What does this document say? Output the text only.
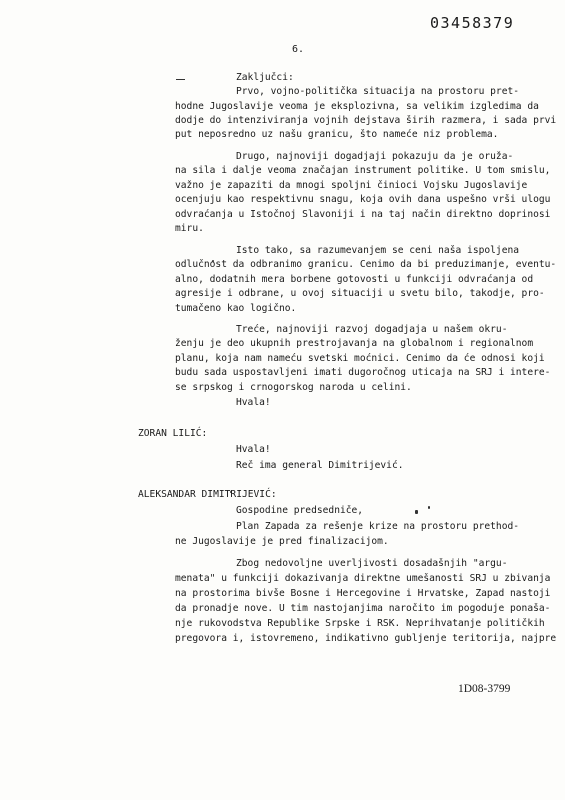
03458379
6.

Zaključci:

Prvo, vojno-politička situacija na prostoru pret-

hodne Jugoslavije veoma je eksplozivna, sa velikim izgledima da

dodje do intenziviranja vojnih dejstava širih razmera, i sada prvi

put neposredno uz našu granicu, što nameće niz problema.

Drugo, najnoviji dogadjaji pokazuju da je oruža-

na sila i dalje veoma značajan instrument politike. U tom smislu,

važno je zapaziti da mnogi spoljni činioci Vojsku Jugoslavije

ocenjuju kao respektivnu snagu, koja ovih dana uspešno vrši ulogu

odvraćanja u Istočnoj Slavoniji i na taj način direktno doprinosi

miru.

Isto tako, sa razumevanjem se ceni naša ispoljena

odlučnost da odbranimo granicu. Cenimo da bi preduzimanje, eventu-

alno, dodatnih mera borbene gotovosti u funkciji odvraćanja od

agresije i odbrane, u ovoj situaciji u svetu bilo, takodje, pro-

tumačeno kao logično.

Treće, najnoviji razvoj dogadjaja u našem okru-

ženju je deo ukupnih prestrojavanja na globalnom i regionalnom

planu, koja nam nameću svetski moćnici. Cenimo da će odnosi koji

budu sada uspostavljeni imati dugoročnog uticaja na SRJ i intere-

se srpskog i crnogorskog naroda u celini.

Hvala!

ZORAN LILIĆ:

Hvala!

Reč ima general Dimitrijević.

ALEKSANDAR DIMITRIJEVIĆ:

Gospodine predsedniče,

Plan Zapada za rešenje krize na prostoru prethod-

ne Jugoslavije je pred finalizacijom.

Zbog nedovoljne uverljivosti dosadašnjih "argu-

menata" u funkciji dokazivanja direktne umešanosti SRJ u zbivanja

na prostorima bivše Bosne i Hercegovine i Hrvatske, Zapad nastoji

da pronadje nove. U tim nastojanjima naročito im pogoduje ponaša-

nje rukovodstva Republike Srpske i RSK. Neprihvatanje političkih

pregovora i, istovremeno, indikativno gubljenje teritorija, najpre

1D08-3799
